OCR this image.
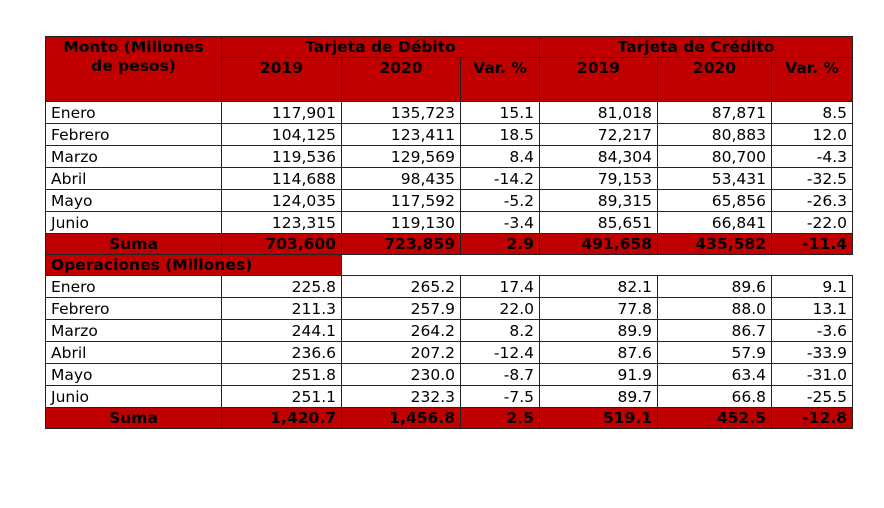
Monto (Millones de pesos)	Tarjeta de Débito			Tarjeta de Crédito		
	2019	2020	Var. %	2019	2020	Var. %
Enero	117,901	135,723	15.1	81,018	87,871	8.5
Febrero	104,125	123,411	18.5	72,217	80,883	12.0
Marzo	119,536	129,569	8.4	84,304	80,700	-4.3
Abril	114,688	98,435	-14.2	79,153	53,431	-32.5
Mayo	124,035	117,592	-5.2	89,315	65,856	-26.3
Junio	123,315	119,130	-3.4	85,651	66,841	-22.0
Suma	703,600	723,859	2.9	491,658	435,582	-11.4
Operaciones (Millones)						
Enero	225.8	265.2	17.4	82.1	89.6	9.1
Febrero	211.3	257.9	22.0	77.8	88.0	13.1
Marzo	244.1	264.2	8.2	89.9	86.7	-3.6
Abril	236.6	207.2	-12.4	87.6	57.9	-33.9
Mayo	251.8	230.0	-8.7	91.9	63.4	-31.0
Junio	251.1	232.3	-7.5	89.7	66.8	-25.5
Suma	1,420.7	1,456.8	2.5	519.1	452.5	-12.8
